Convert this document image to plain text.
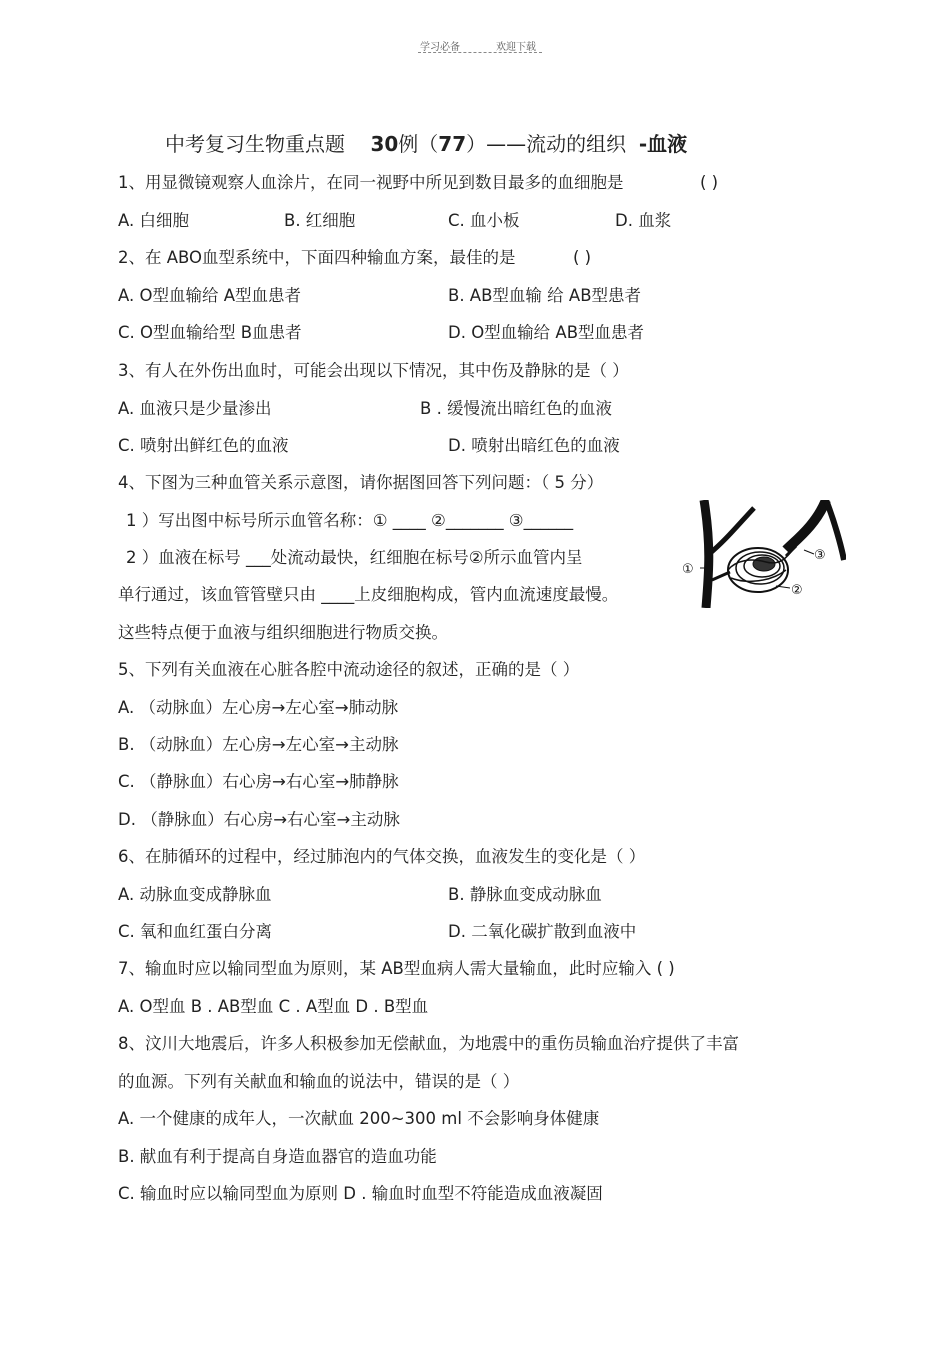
学习必备	欢迎下载
中考复习生物重点题 30例（77）——流动的组织 -血液
1、用显微镜观察人血涂片，在同一视野中所见到数目最多的血细胞是	( )
A. 白细胞	B. 红细胞	C. 血小板	D. 血浆
2、在 ABO血型系统中，下面四种输血方案，最佳的是	( )
A. O型血输给 A型血患者	B. AB型血输 给 AB型患者
C. O型血输给型 B血患者	D. O型血输给 AB型血患者
3、有人在外伤出血时，可能会出现以下情况，其中伤及静脉的是（ ）
A. 血液只是少量渗出	B . 缓慢流出暗红色的血液
C. 喷射出鲜红色的血液	D. 喷射出暗红色的血液
4、下图为三种血管关系示意图，请你据图回答下列问题：（ 5 分）
1 ）写出图中标号所示血管名称：① ____ ②_______ ③______
2 ）血液在标号 ___处流动最快，红细胞在标号②所示血管内呈
单行通过，该血管管壁只由 ____上皮细胞构成，管内血流速度最慢。
这些特点便于血液与组织细胞进行物质交换。
①
②
③
5、下列有关血液在心脏各腔中流动途径的叙述，正确的是（ ）
A. （动脉血）左心房→左心室→肺动脉
B. （动脉血）左心房→左心室→主动脉
C. （静脉血）右心房→右心室→肺静脉
D. （静脉血）右心房→右心室→主动脉
6、在肺循环的过程中，经过肺泡内的气体交换，血液发生的变化是（ ）
A. 动脉血变成静脉血	B. 静脉血变成动脉血
C. 氧和血红蛋白分离	D. 二氧化碳扩散到血液中
7、输血时应以输同型血为原则，某 AB型血病人需大量输血，此时应输入 ( )
A. O型血 B . AB型血 C . A型血 D . B型血
8、汶川大地震后，许多人积极参加无偿献血，为地震中的重伤员输血治疗提供了丰富
的血源。下列有关献血和输血的说法中，错误的是（ ）
A. 一个健康的成年人，一次献血 200~300 ml 不会影响身体健康
B. 献血有利于提高自身造血器官的造血功能
C. 输血时应以输同型血为原则 D . 输血时血型不符能造成血液凝固
